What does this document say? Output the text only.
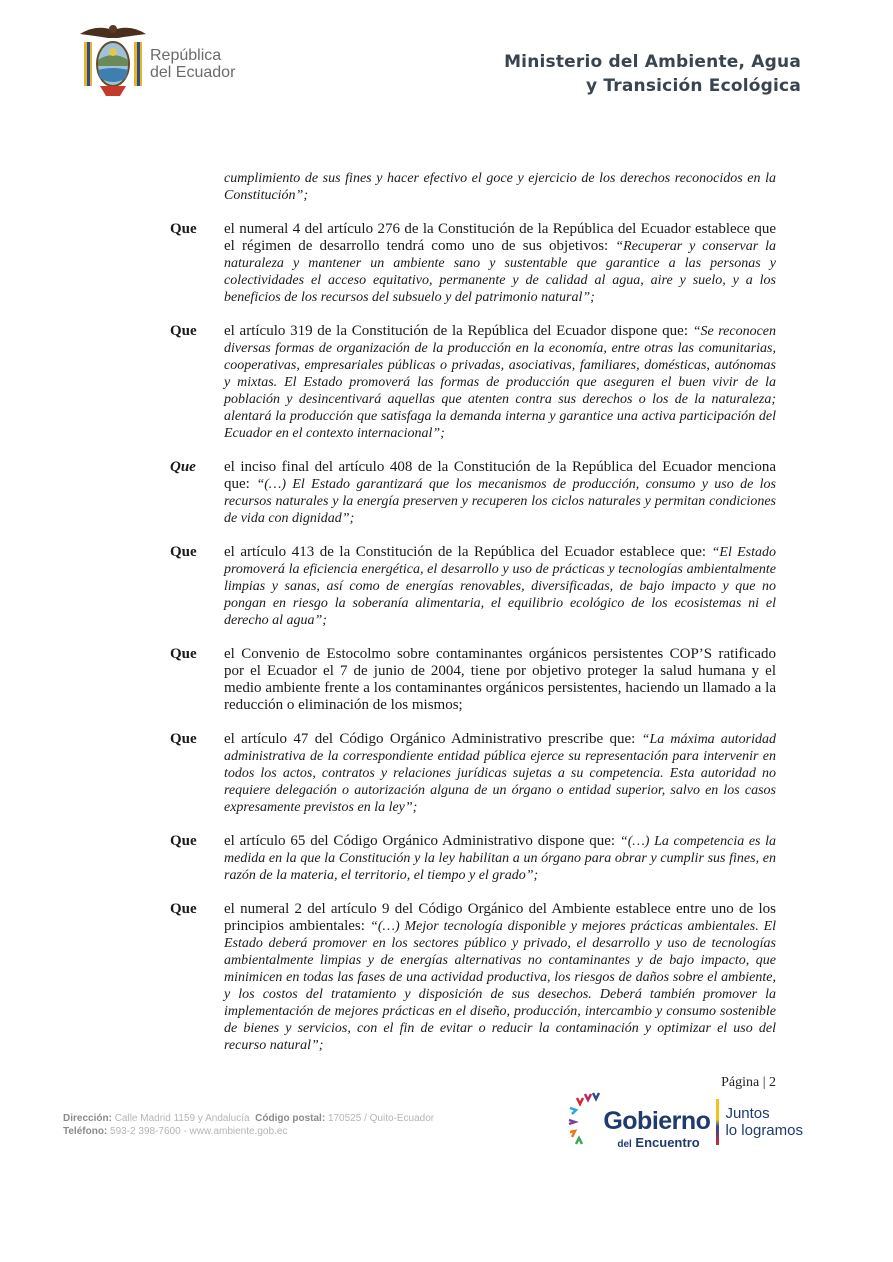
República
del Ecuador
Ministerio del Ambiente, Agua
y Transición Ecológica
cumplimiento de sus fines y hacer efectivo el goce y ejercicio de los derechos reconocidos en la Constitución”;
Que	el numeral 4 del artículo 276 de la Constitución de la República del Ecuador establece que el régimen de desarrollo tendrá como uno de sus objetivos: “Recuperar y conservar la naturaleza y mantener un ambiente sano y sustentable que garantice a las personas y colectividades el acceso equitativo, permanente y de calidad al agua, aire y suelo, y a los beneficios de los recursos del subsuelo y del patrimonio natural”;
Que	el artículo 319 de la Constitución de la República del Ecuador dispone que: “Se reconocen diversas formas de organización de la producción en la economía, entre otras las comunitarias, cooperativas, empresariales públicas o privadas, asociativas, familiares, domésticas, autónomas y mixtas. El Estado promoverá las formas de producción que aseguren el buen vivir de la población y desincentivará aquellas que atenten contra sus derechos o los de la naturaleza; alentará la producción que satisfaga la demanda interna y garantice una activa participación del Ecuador en el contexto internacional”;
Que	el inciso final del artículo 408 de la Constitución de la República del Ecuador menciona que: “(…) El Estado garantizará que los mecanismos de producción, consumo y uso de los recursos naturales y la energía preserven y recuperen los ciclos naturales y permitan condiciones de vida con dignidad”;
Que	el artículo 413 de la Constitución de la República del Ecuador establece que: “El Estado promoverá la eficiencia energética, el desarrollo y uso de prácticas y tecnologías ambientalmente limpias y sanas, así como de energías renovables, diversificadas, de bajo impacto y que no pongan en riesgo la soberanía alimentaria, el equilibrio ecológico de los ecosistemas ni el derecho al agua”;
Que	el Convenio de Estocolmo sobre contaminantes orgánicos persistentes COP’S ratificado por el Ecuador el 7 de junio de 2004, tiene por objetivo proteger la salud humana y el medio ambiente frente a los contaminantes orgánicos persistentes, haciendo un llamado a la reducción o eliminación de los mismos;
Que	el artículo 47 del Código Orgánico Administrativo prescribe que: “La máxima autoridad administrativa de la correspondiente entidad pública ejerce su representación para intervenir en todos los actos, contratos y relaciones jurídicas sujetas a su competencia. Esta autoridad no requiere delegación o autorización alguna de un órgano o entidad superior, salvo en los casos expresamente previstos en la ley”;
Que	el artículo 65 del Código Orgánico Administrativo dispone que: “(…) La competencia es la medida en la que la Constitución y la ley habilitan a un órgano para obrar y cumplir sus fines, en razón de la materia, el territorio, el tiempo y el grado”;
Que	el numeral 2 del artículo 9 del Código Orgánico del Ambiente establece entre uno de los principios ambientales: “(…) Mejor tecnología disponible y mejores prácticas ambientales. El Estado deberá promover en los sectores público y privado, el desarrollo y uso de tecnologías ambientalmente limpias y de energías alternativas no contaminantes y de bajo impacto, que minimicen en todas las fases de una actividad productiva, los riesgos de daños sobre el ambiente, y los costos del tratamiento y disposición de sus desechos. Deberá también promover la implementación de mejores prácticas en el diseño, producción, intercambio y consumo sostenible de bienes y servicios, con el fin de evitar o reducir la contaminación y optimizar el uso del recurso natural”;
Página | 2
Dirección: Calle Madrid 1159 y Andalucía Código postal: 170525 / Quito-Ecuador
Teléfono: 593-2 398-7600 - www.ambiente.gob.ec	Gobierno
del Encuentro
Juntos
lo logramos
